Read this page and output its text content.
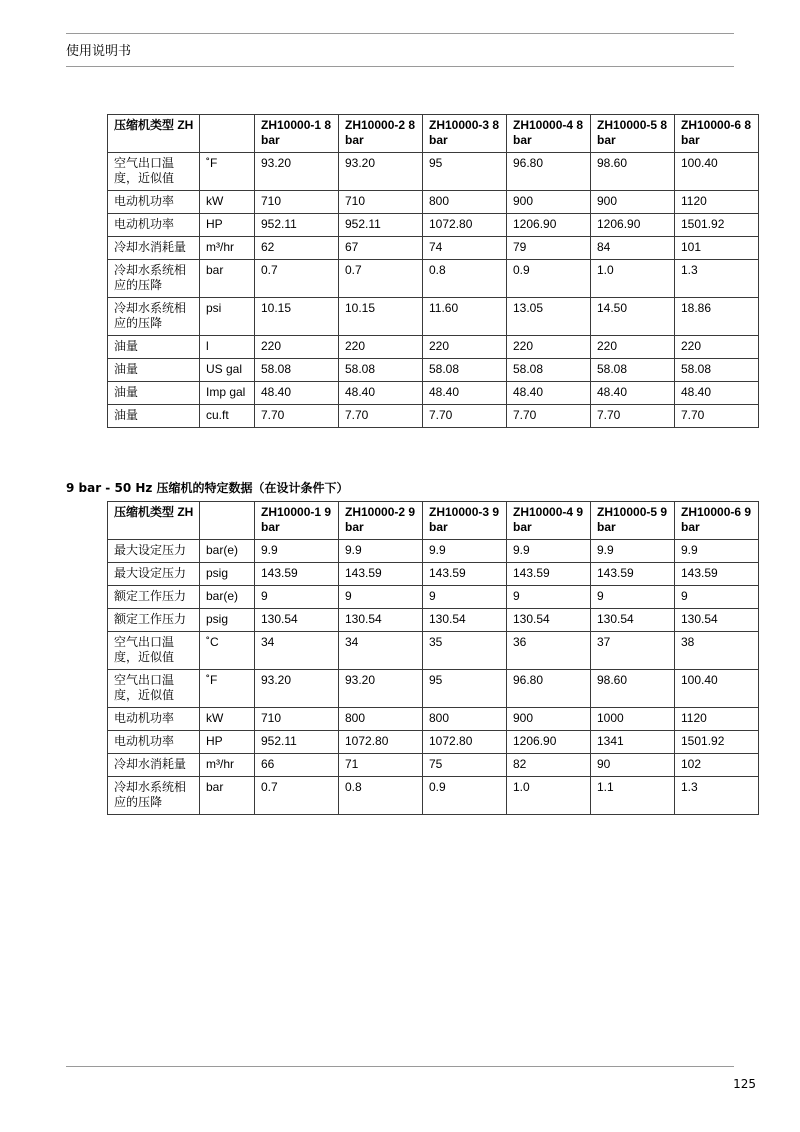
使用说明书
压缩机类型 ZH		ZH10000-1 8 bar	ZH10000-2 8 bar	ZH10000-3 8 bar	ZH10000-4 8 bar	ZH10000-5 8 bar	ZH10000-6 8 bar
空气出口温度，近似值	˚F	93.20	93.20	95	96.80	98.60	100.40
电动机功率	kW	710	710	800	900	900	1120
电动机功率	HP	952.11	952.11	1072.80	1206.90	1206.90	1501.92
冷却水消耗量	m³/hr	62	67	74	79	84	101
冷却水系统相应的压降	bar	0.7	0.7	0.8	0.9	1.0	1.3
冷却水系统相应的压降	psi	10.15	10.15	11.60	13.05	14.50	18.86
油量	l	220	220	220	220	220	220
油量	US gal	58.08	58.08	58.08	58.08	58.08	58.08
油量	Imp gal	48.40	48.40	48.40	48.40	48.40	48.40
油量	cu.ft	7.70	7.70	7.70	7.70	7.70	7.70
9 bar - 50 Hz 压缩机的特定数据（在设计条件下）
压缩机类型 ZH		ZH10000-1 9 bar	ZH10000-2 9 bar	ZH10000-3 9 bar	ZH10000-4 9 bar	ZH10000-5 9 bar	ZH10000-6 9 bar
最大设定压力	bar(e)	9.9	9.9	9.9	9.9	9.9	9.9
最大设定压力	psig	143.59	143.59	143.59	143.59	143.59	143.59
额定工作压力	bar(e)	9	9	9	9	9	9
额定工作压力	psig	130.54	130.54	130.54	130.54	130.54	130.54
空气出口温度，近似值	˚C	34	34	35	36	37	38
空气出口温度，近似值	˚F	93.20	93.20	95	96.80	98.60	100.40
电动机功率	kW	710	800	800	900	1000	1120
电动机功率	HP	952.11	1072.80	1072.80	1206.90	1341	1501.92
冷却水消耗量	m³/hr	66	71	75	82	90	102
冷却水系统相应的压降	bar	0.7	0.8	0.9	1.0	1.1	1.3
125
